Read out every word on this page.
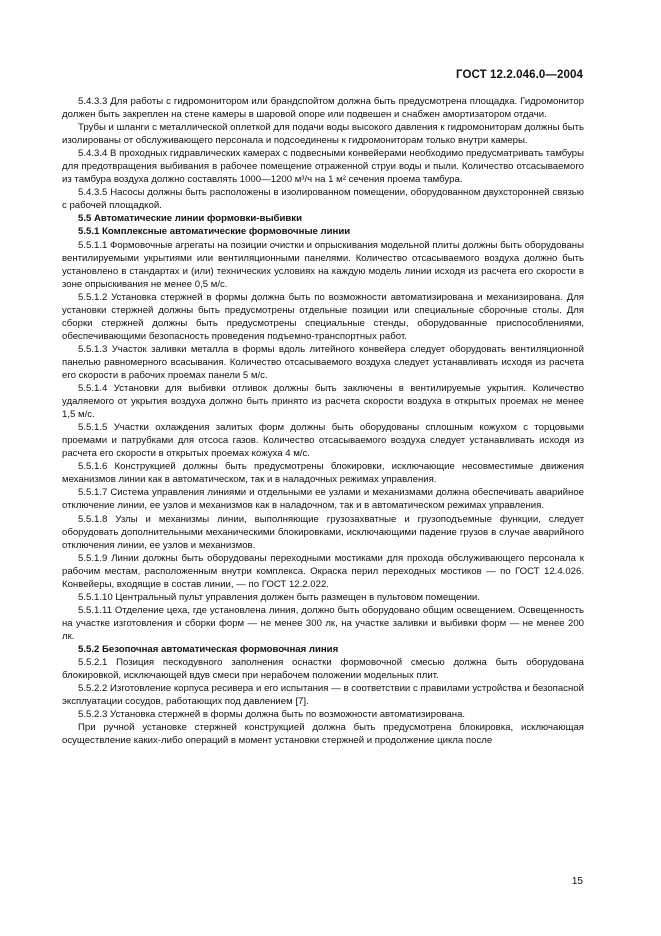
ГОСТ 12.2.046.0—2004

5.4.3.3 Для работы с гидромонитором или брандспойтом должна быть предусмотрена площадка. Гидромонитор должен быть закреплен на стене камеры в шаровой опоре или подвешен и снабжен амортизатором отдачи.

Трубы и шланги с металлической оплеткой для подачи воды высокого давления к гидромониторам должны быть изолированы от обслуживающего персонала и подсоединены к гидромониторам только внутри камеры.

5.4.3.4 В проходных гидравлических камерах с подвесными конвейерами необходимо предусматривать тамбуры для предотвращения выбивания в рабочее помещение отраженной струи воды и пыли. Количество отсасываемого из тамбура воздуха должно составлять 1000—1200 м³/ч на 1 м² сечения проема тамбура.

5.4.3.5 Насосы должны быть расположены в изолированном помещении, оборудованном двухсторонней связью с рабочей площадкой.

5.5 Автоматические линии формовки-выбивки

5.5.1 Комплексные автоматические формовочные линии

5.5.1.1 Формовочные агрегаты на позиции очистки и опрыскивания модельной плиты должны быть оборудованы вентилируемыми укрытиями или вентиляционными панелями. Количество отсасываемого воздуха должно быть установлено в стандартах и (или) технических условиях на каждую модель линии исходя из расчета его скорости в зоне опрыскивания не менее 0,5 м/с.

5.5.1.2 Установка стержней в формы должна быть по возможности автоматизирована и механизирована. Для установки стержней должны быть предусмотрены отдельные позиции или специальные сборочные столы. Для сборки стержней должны быть предусмотрены специальные стенды, оборудованные приспособлениями, обеспечивающими безопасность проведения подъемно-транспортных работ.

5.5.1.3 Участок заливки металла в формы вдоль литейного конвейера следует оборудовать вентиляционной панелью равномерного всасывания. Количество отсасываемого воздуха следует устанавливать исходя из расчета его скорости в рабочих проемах панели 5 м/с.

5.5.1.4 Установки для выбивки отливок должны быть заключены в вентилируемые укрытия. Количество удаляемого от укрытия воздуха должно быть принято из расчета скорости воздуха в открытых проемах не менее 1,5 м/с.

5.5.1.5 Участки охлаждения залитых форм должны быть оборудованы сплошным кожухом с торцовыми проемами и патрубками для отсоса газов. Количество отсасываемого воздуха следует устанавливать исходя из расчета его скорости в открытых проемах кожуха 4 м/с.

5.5.1.6 Конструкцией должны быть предусмотрены блокировки, исключающие несовместимые движения механизмов линии как в автоматическом, так и в наладочных режимах управления.

5.5.1.7 Система управления линиями и отдельными ее узлами и механизмами должна обеспечивать аварийное отключение линии, ее узлов и механизмов как в наладочном, так и в автоматическом режимах управления.

5.5.1.8 Узлы и механизмы линии, выполняющие грузозахватные и грузоподъемные функции, следует оборудовать дополнительными механическими блокировками, исключающими падение грузов в случае аварийного отключения линии, ее узлов и механизмов.

5.5.1.9 Линии должны быть оборудованы переходными мостиками для прохода обслуживающего персонала к рабочим местам, расположенным внутри комплекса. Окраска перил переходных мостиков — по ГОСТ 12.4.026. Конвейеры, входящие в состав линии, — по ГОСТ 12.2.022.

5.5.1.10 Центральный пульт управления должен быть размещен в пультовом помещении.

5.5.1.11 Отделение цеха, где установлена линия, должно быть оборудовано общим освещением. Освещенность на участке изготовления и сборки форм — не менее 300 лк, на участке заливки и выбивки форм — не менее 200 лк.

5.5.2 Безопочная автоматическая формовочная линия

5.5.2.1 Позиция пескодувного заполнения оснастки формовочной смесью должна быть оборудована блокировкой, исключающей вдув смеси при нерабочем положении модельных плит.

5.5.2.2 Изготовление корпуса ресивера и его испытания — в соответствии с правилами устройства и безопасной эксплуатации сосудов, работающих под давлением [7].

5.5.2.3 Установка стержней в формы должна быть по возможности автоматизирована.

При ручной установке стержней конструкцией должна быть предусмотрена блокировка, исключающая осуществление каких-либо операций в момент установки стержней и продолжение цикла после

15
